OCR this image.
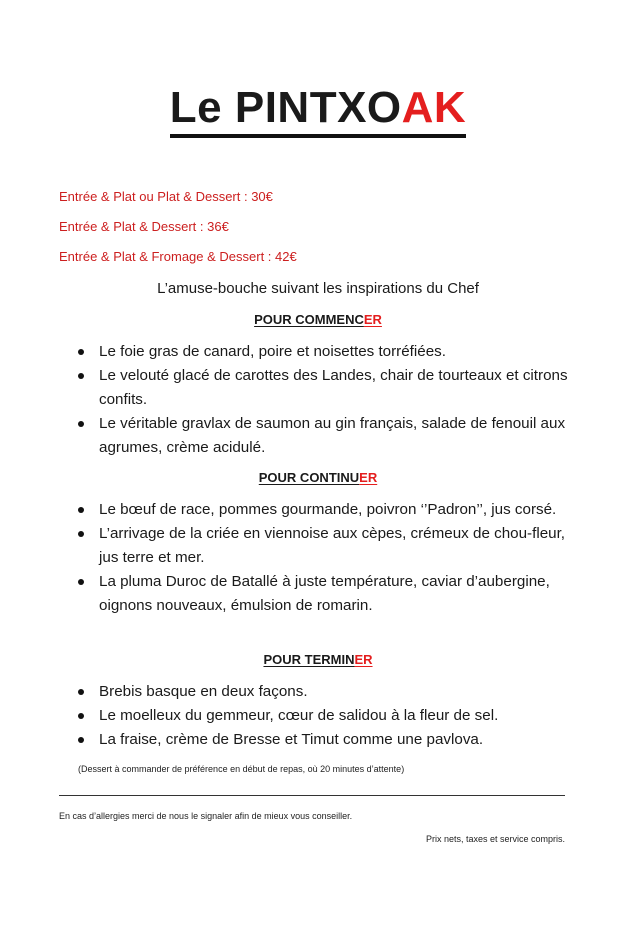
Le PINTXOAK
Entrée & Plat ou Plat & Dessert : 30€
Entrée & Plat & Dessert : 36€
Entrée & Plat & Fromage & Dessert : 42€
L’amuse-bouche suivant les inspirations du Chef
POUR COMMENCER
Le foie gras de canard, poire et noisettes torréfiées.
Le velouté glacé de carottes des Landes, chair de tourteaux et citrons confits.
Le véritable gravlax de saumon au gin français, salade de fenouil aux agrumes, crème acidulé.
POUR CONTINUER
Le bœuf de race, pommes gourmande, poivron ‘’Padron’’, jus corsé.
L’arrivage de la criée en viennoise aux cèpes, crémeux de chou-fleur, jus terre et mer.
La pluma Duroc de Batallé à juste température, caviar d’aubergine, oignons nouveaux, émulsion de romarin.
POUR TERMINER
Brebis basque en deux façons.
Le moelleux du gemmeur, cœur de salidou à la fleur de sel.
La fraise, crème de Bresse et Timut comme une pavlova.
(Dessert à commander de préférence en début de repas, où 20 minutes d’attente)
En cas d’allergies merci de nous le signaler afin de mieux vous conseiller.
Prix nets, taxes et service compris.
